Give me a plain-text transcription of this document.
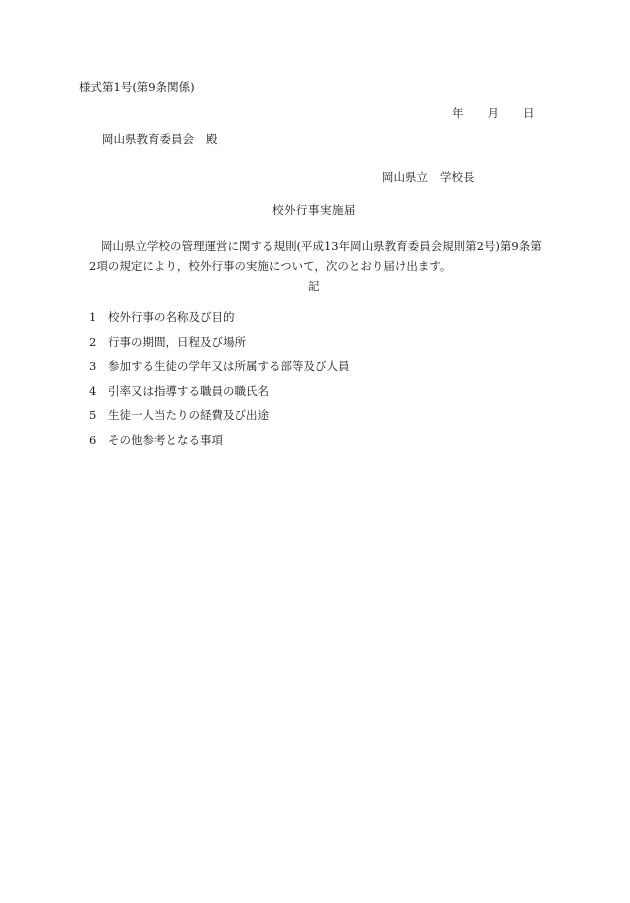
様式第1号(第9条関係)
年 月 日
岡山県教育委員会 殿
岡山県立 学校長
校外行事実施届
岡山県立学校の管理運営に関する規則(平成13年岡山県教育委員会規則第2号)第9条第
2項の規定により，校外行事の実施について，次のとおり届け出ます。
記
1 校外行事の名称及び目的
2 行事の期間，日程及び場所
3 参加する生徒の学年又は所属する部等及び人員
4 引率又は指導する職員の職氏名
5 生徒一人当たりの経費及び出途
6 その他参考となる事項
